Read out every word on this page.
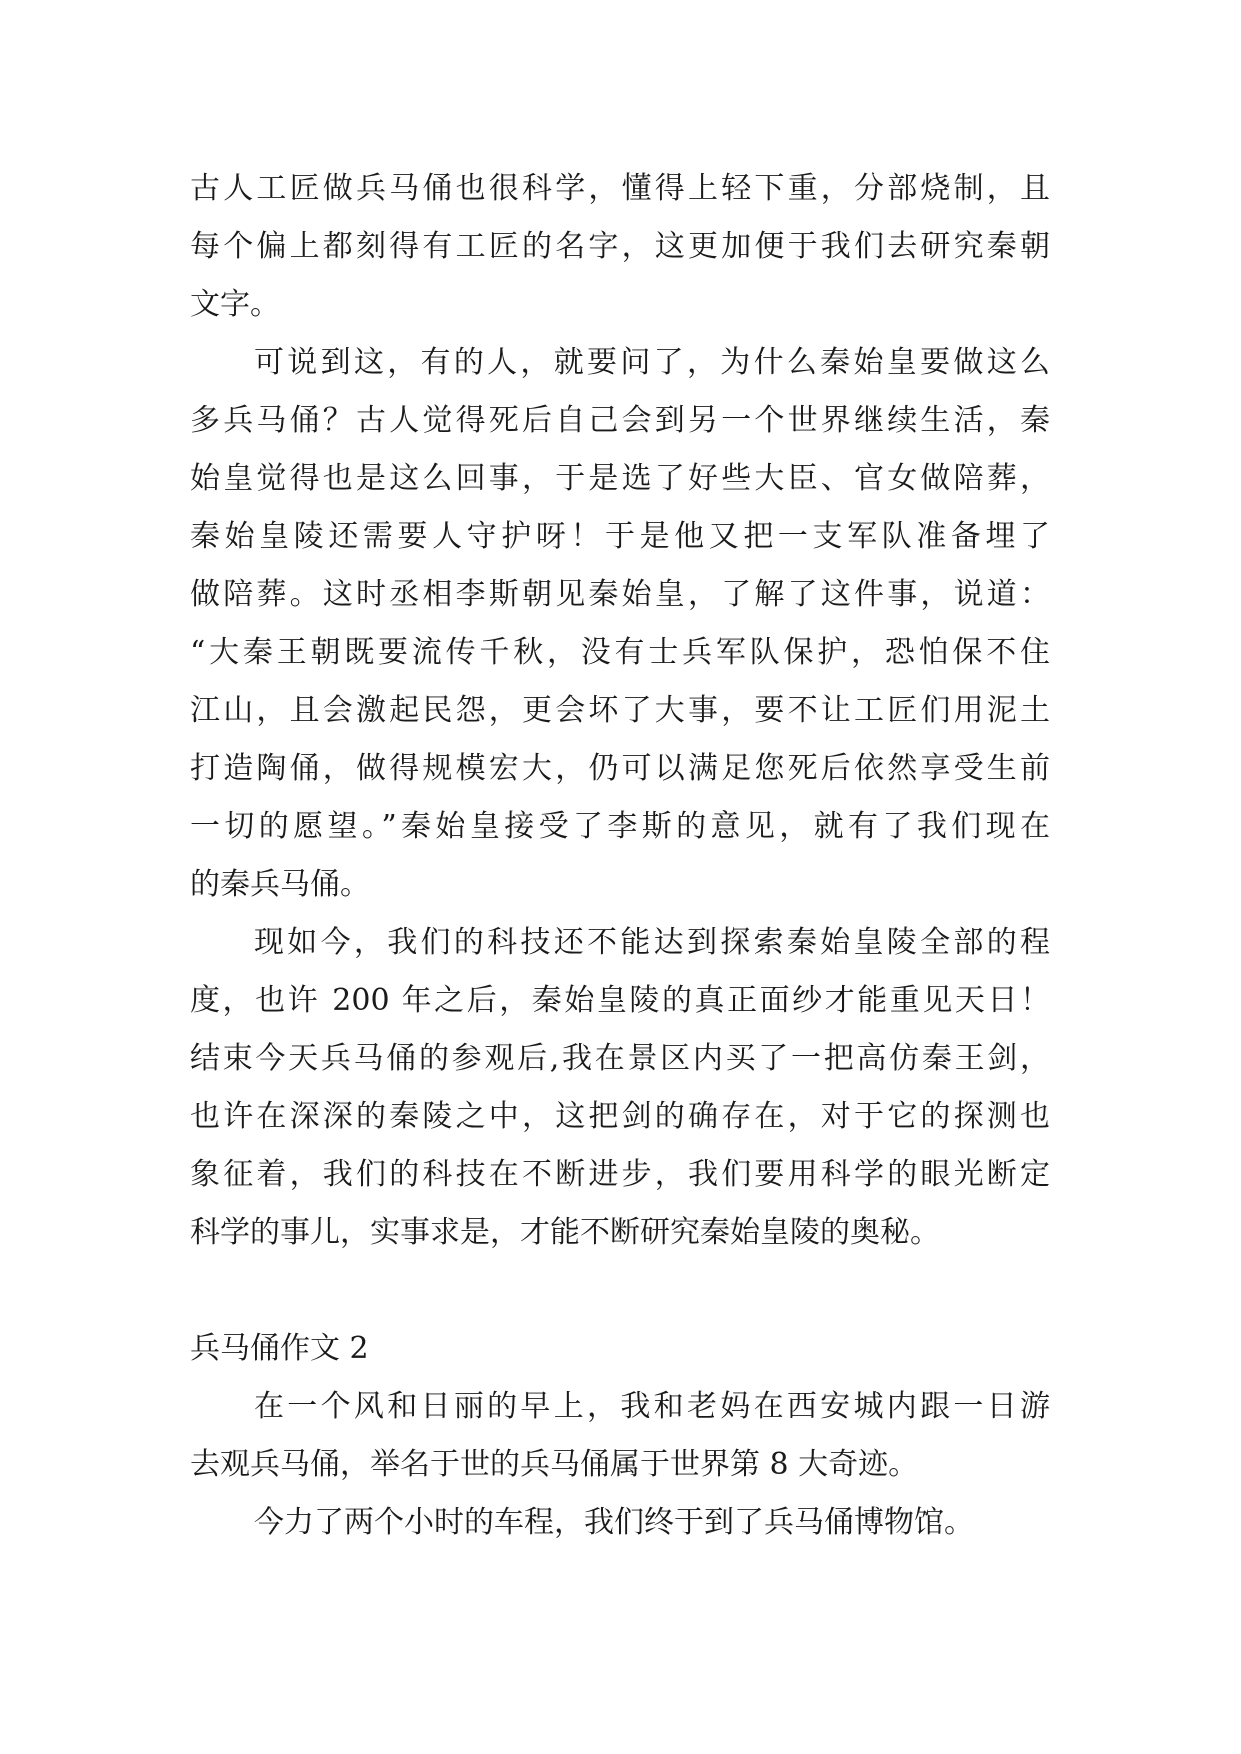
古人工匠做兵马俑也很科学，懂得上轻下重，分部烧制，且
每个偏上都刻得有工匠的名字，这更加便于我们去研究秦朝
文字。
可说到这，有的人，就要问了，为什么秦始皇要做这么
多兵马俑？古人觉得死后自己会到另一个世界继续生活，秦
始皇觉得也是这么回事，于是选了好些大臣、官女做陪葬，
秦始皇陵还需要人守护呀！于是他又把一支军队准备埋了
做陪葬。这时丞相李斯朝见秦始皇，了解了这件事，说道：
“大秦王朝既要流传千秋，没有士兵军队保护，恐怕保不住
江山，且会激起民怨，更会坏了大事，要不让工匠们用泥土
打造陶俑，做得规模宏大，仍可以满足您死后依然享受生前
一切的愿望。”秦始皇接受了李斯的意见，就有了我们现在
的秦兵马俑。
现如今，我们的科技还不能达到探索秦始皇陵全部的程
度，也许 200 年之后，秦始皇陵的真正面纱才能重见天日！
结束今天兵马俑的参观后,我在景区内买了一把高仿秦王剑，
也许在深深的秦陵之中，这把剑的确存在，对于它的探测也
象征着，我们的科技在不断进步，我们要用科学的眼光断定
科学的事儿，实事求是，才能不断研究秦始皇陵的奥秘。
兵马俑作文 2
在一个风和日丽的早上，我和老妈在西安城内跟一日游
去观兵马俑，举名于世的兵马俑属于世界第 8 大奇迹。
今力了两个小时的车程，我们终于到了兵马俑博物馆。
